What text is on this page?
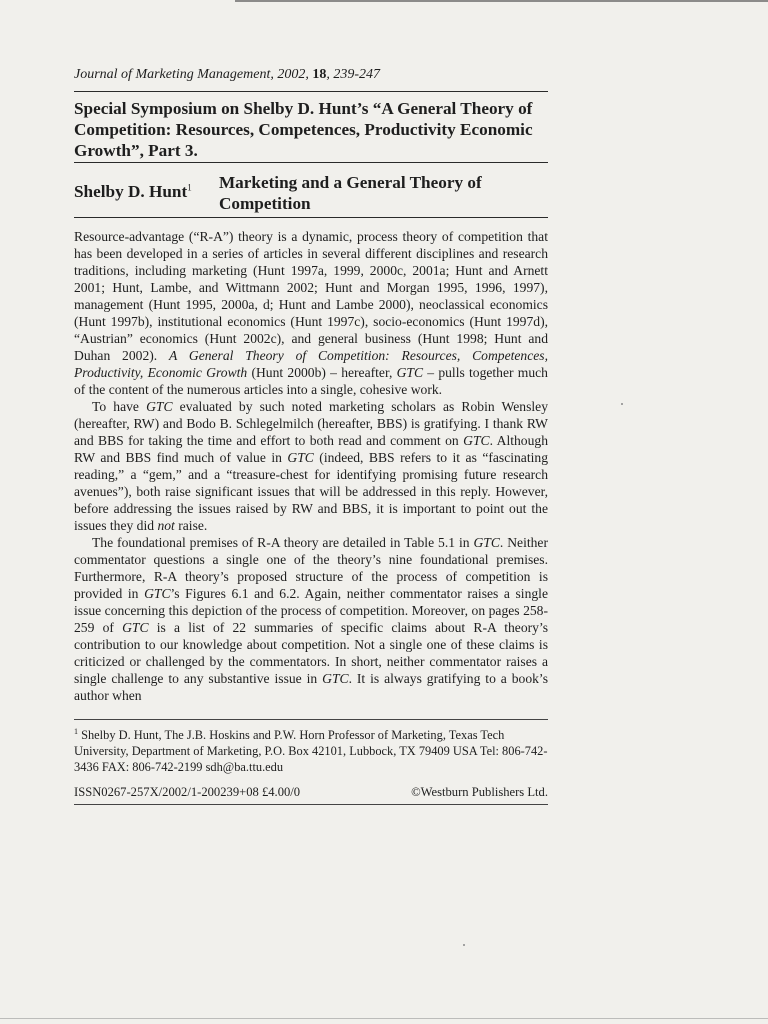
Journal of Marketing Management, 2002, 18, 239-247

Special Symposium on Shelby D. Hunt’s “A General Theory of Competition: Resources, Competences, Productivity Economic Growth”, Part 3.
Shelby D. Hunt$^1$	Marketing and a General Theory of Competition

Resource-advantage (“R-A”) theory is a dynamic, process theory of competition that has been developed in a series of articles in several different disciplines and research traditions, including marketing (Hunt 1997a, 1999, 2000c, 2001a; Hunt and Arnett 2001; Hunt, Lambe, and Wittmann 2002; Hunt and Morgan 1995, 1996, 1997), management (Hunt 1995, 2000a, d; Hunt and Lambe 2000), neoclassical economics (Hunt 1997b), institutional economics (Hunt 1997c), socio-economics (Hunt 1997d), “Austrian” economics (Hunt 2002c), and general business (Hunt 1998; Hunt and Duhan 2002). A General Theory of Competition: Resources, Competences, Productivity, Economic Growth (Hunt 2000b) – hereafter, GTC – pulls together much of the content of the numerous articles into a single, cohesive work.

To have GTC evaluated by such noted marketing scholars as Robin Wensley (hereafter, RW) and Bodo B. Schlegelmilch (hereafter, BBS) is gratifying. I thank RW and BBS for taking the time and effort to both read and comment on GTC. Although RW and BBS find much of value in GTC (indeed, BBS refers to it as “fascinating reading,” a “gem,” and a “treasure-chest for identifying promising future research avenues”), both raise significant issues that will be addressed in this reply. However, before addressing the issues raised by RW and BBS, it is important to point out the issues they did not raise.

The foundational premises of R-A theory are detailed in Table 5.1 in GTC. Neither commentator questions a single one of the theory’s nine foundational premises. Furthermore, R-A theory’s proposed structure of the process of competition is provided in GTC’s Figures 6.1 and 6.2. Again, neither commentator raises a single issue concerning this depiction of the process of competition. Moreover, on pages 258-259 of GTC is a list of 22 summaries of specific claims about R-A theory’s contribution to our knowledge about competition. Not a single one of these claims is criticized or challenged by the commentators. In short, neither commentator raises a single challenge to any substantive issue in GTC. It is always gratifying to a book’s author when

$^1$ Shelby D. Hunt, The J.B. Hoskins and P.W. Horn Professor of Marketing, Texas Tech University, Department of Marketing, P.O. Box 42101, Lubbock, TX 79409 USA Tel: 806-742-3436 FAX: 806-742-2199 sdh@ba.ttu.edu
ISSN0267-257X/2002/1-200239+08 £4.00/0	©Westburn Publishers Ltd.
